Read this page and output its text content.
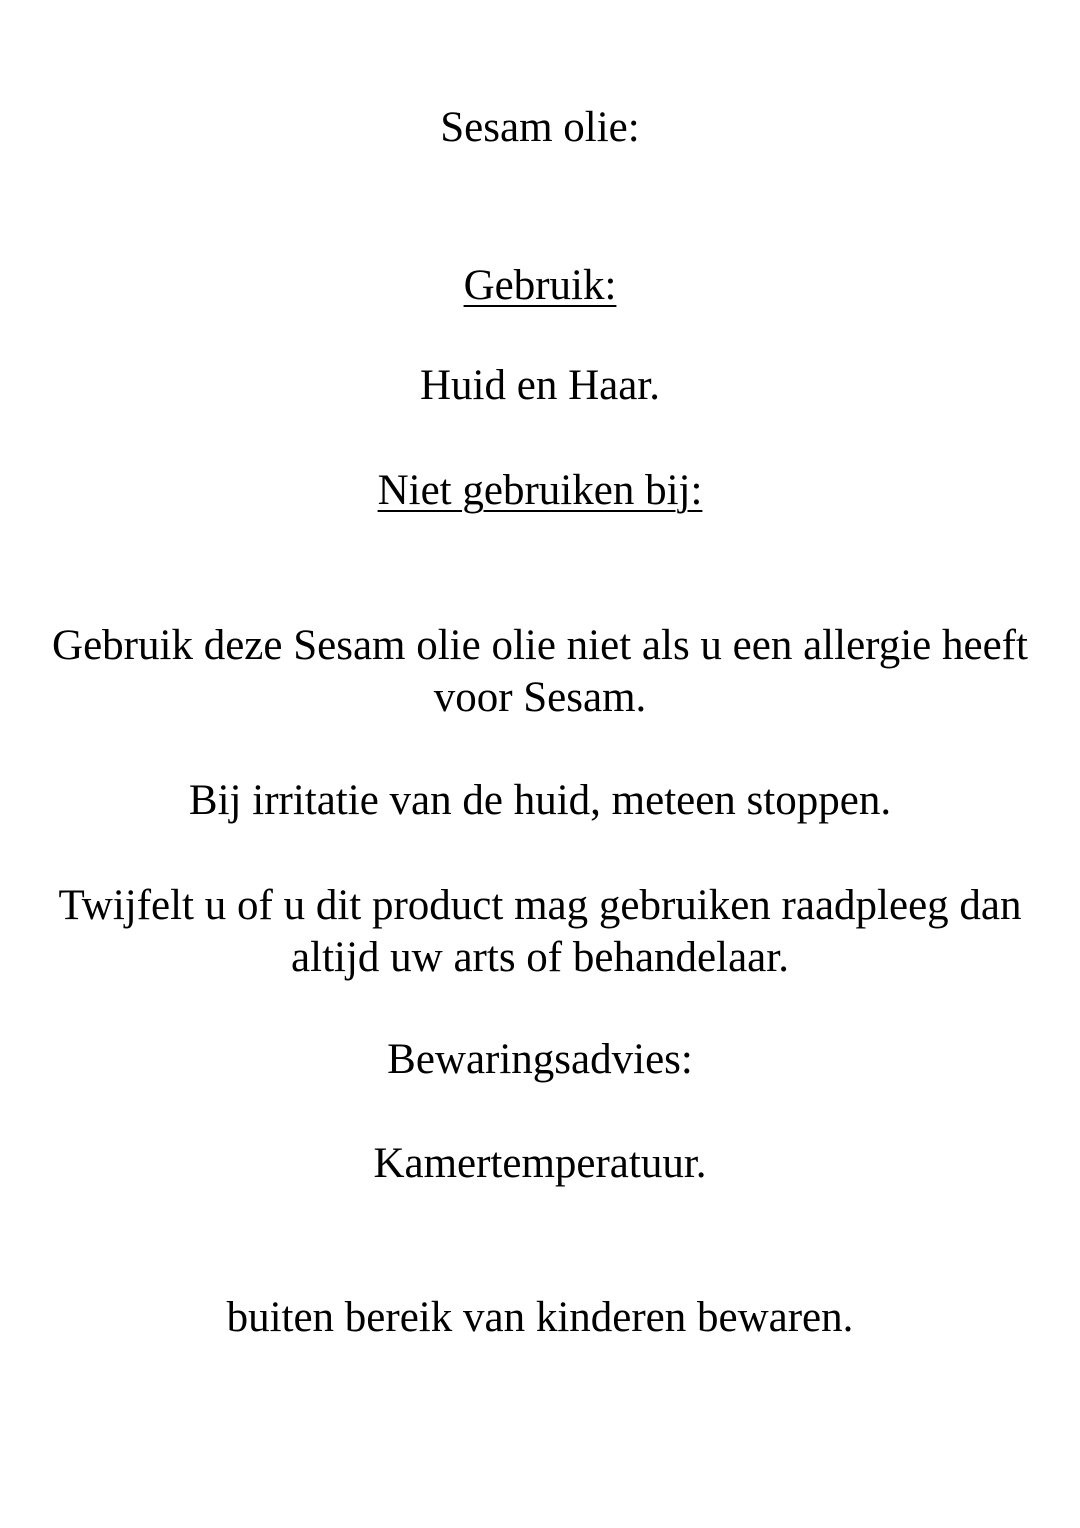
Sesam olie:

Gebruik:

Huid en Haar.

Niet gebruiken bij:

Gebruik deze Sesam olie olie niet als u een allergie heeft
voor Sesam.

Bij irritatie van de huid, meteen stoppen.

Twijfelt u of u dit product mag gebruiken raadpleeg dan
altijd uw arts of behandelaar.

Bewaringsadvies:

Kamertemperatuur.

buiten bereik van kinderen bewaren.
